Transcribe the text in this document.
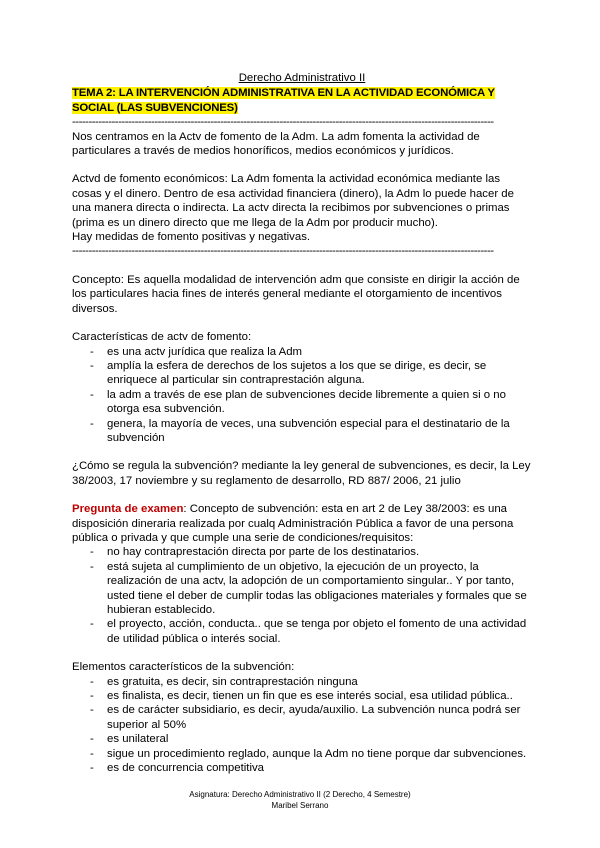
Derecho Administrativo II
TEMA 2: LA INTERVENCIÓN ADMINISTRATIVA EN LA ACTIVIDAD ECONÓMICA Y SOCIAL (LAS SUBVENCIONES)
--------------------------------------------------------------------------------------------------------------------------------

Nos centramos en la Actv de fomento de la Adm. La adm fomenta la actividad de particulares a través de medios honoríficos, medios económicos y jurídicos.

Actvd de fomento económicos: La Adm fomenta la actividad económica mediante las cosas y el dinero. Dentro de esa actividad financiera (dinero), la Adm lo puede hacer de una manera directa o indirecta. La actv directa la recibimos por subvenciones o primas (prima es un dinero directo que me llega de la Adm por producir mucho).

Hay medidas de fomento positivas y negativas.

--------------------------------------------------------------------------------------------------------------------------------

Concepto: Es aquella modalidad de intervención adm que consiste en dirigir la acción de los particulares hacia fines de interés general mediante el otorgamiento de incentivos diversos.

Características de actv de fomento:

- es una actv jurídica que realiza la Adm
- amplía la esfera de derechos de los sujetos a los que se dirige, es decir, se enriquece al particular sin contraprestación alguna.
- la adm a través de ese plan de subvenciones decide libremente a quien si o no otorga esa subvención.
- genera, la mayoría de veces, una subvención especial para el destinatario de la subvención

¿Cómo se regula la subvención? mediante la ley general de subvenciones, es decir, la Ley 38/2003, 17 noviembre y su reglamento de desarrollo, RD 887/ 2006, 21 julio

Pregunta de examen: Concepto de subvención: esta en art 2 de Ley 38/2003: es una disposición dineraria realizada por cualq Administración Pública a favor de una persona pública o privada y que cumple una serie de condiciones/requisitos:

- no hay contraprestación directa por parte de los destinatarios.
- está sujeta al cumplimiento de un objetivo, la ejecución de un proyecto, la realización de una actv, la adopción de un comportamiento singular.. Y por tanto, usted tiene el deber de cumplir todas las obligaciones materiales y formales que se hubieran establecido.
- el proyecto, acción, conducta.. que se tenga por objeto el fomento de una actividad de utilidad pública o interés social.

Elementos característicos de la subvención:

- es gratuita, es decir, sin contraprestación ninguna
- es finalista, es decir, tienen un fin que es ese interés social, esa utilidad pública..
- es de carácter subsidiario, es decir, ayuda/auxilio. La subvención nunca podrá ser superior al 50%
- es unilateral
- sigue un procedimiento reglado, aunque la Adm no tiene porque dar subvenciones.
- es de concurrencia competitiva
Asignatura: Derecho Administrativo II (2 Derecho, 4 Semestre)
Maribel Serrano
